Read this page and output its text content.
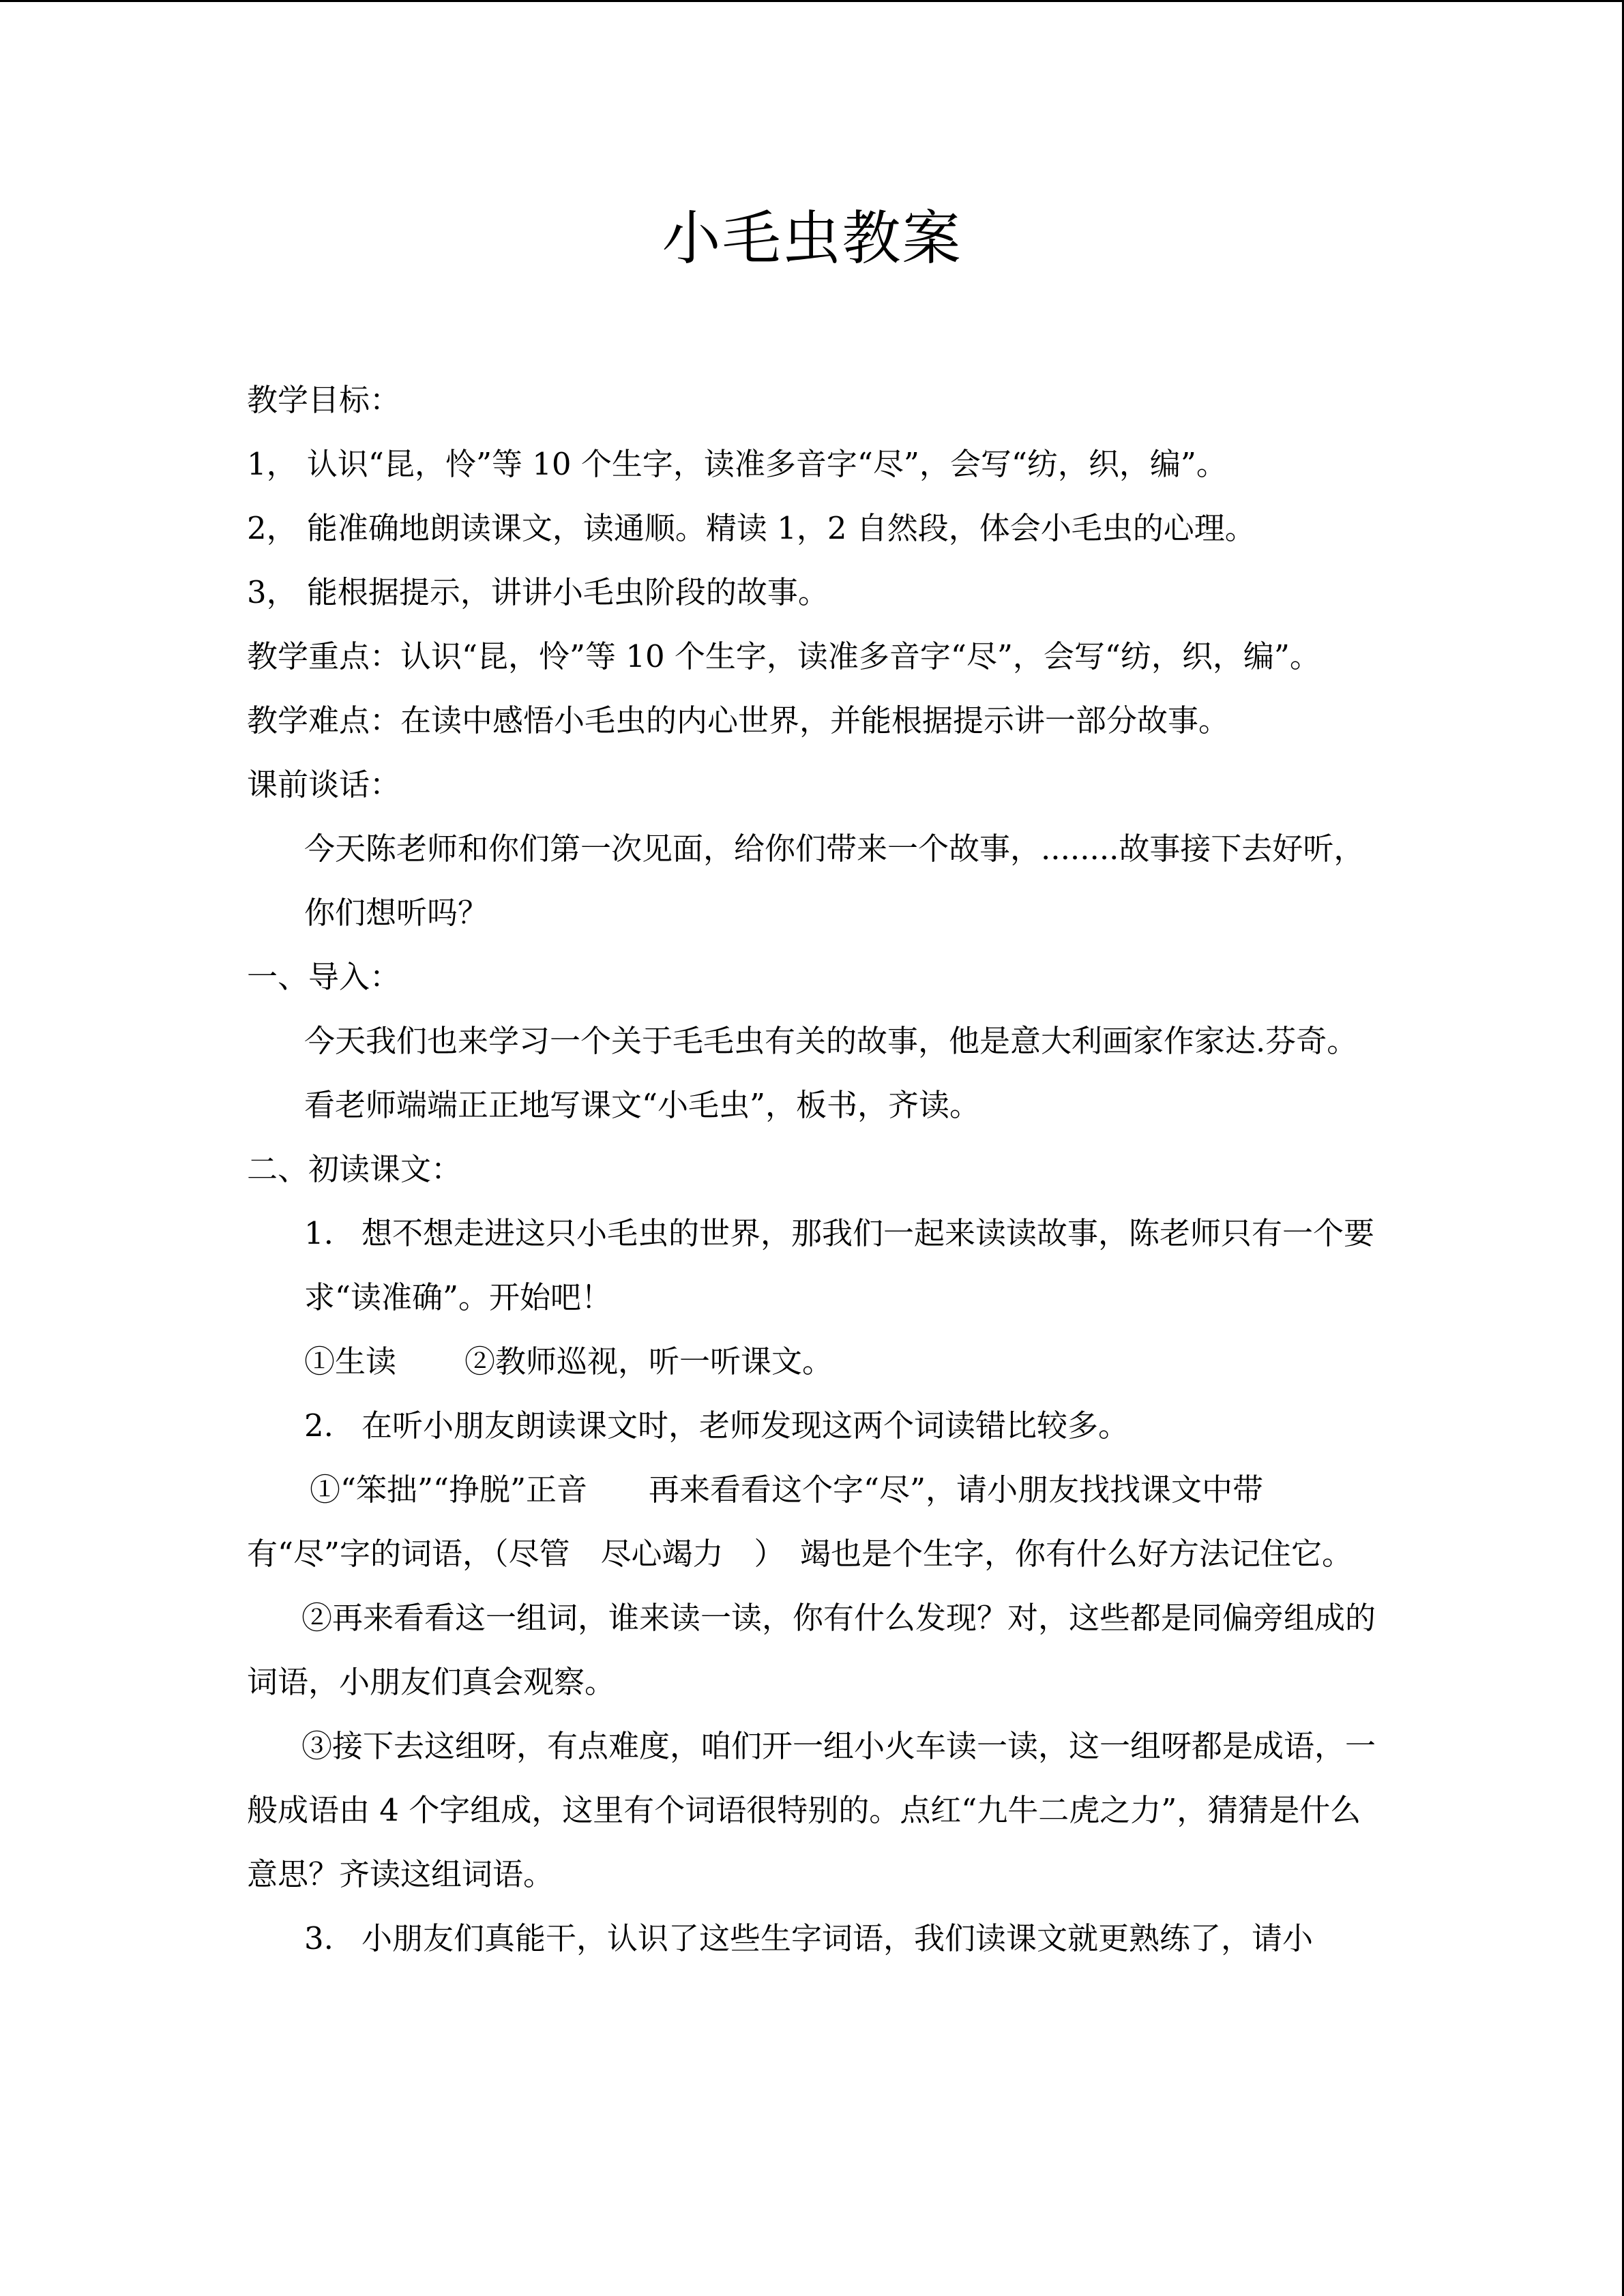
小毛虫教案

教学目标：

1， 认识“昆，怜”等 10 个生字，读准多音字“尽”，会写“纺，织，编”。

2， 能准确地朗读课文，读通顺。精读 1，2 自然段，体会小毛虫的心理。

3， 能根据提示，讲讲小毛虫阶段的故事。

教学重点：认识“昆，怜”等 10 个生字，读准多音字“尽”，会写“纺，织，编”。

教学难点：在读中感悟小毛虫的内心世界，并能根据提示讲一部分故事。

课前谈话：

今天陈老师和你们第一次见面，给你们带来一个故事，........故事接下去好听，你们想听吗？

一、导入：

今天我们也来学习一个关于毛毛虫有关的故事，他是意大利画家作家达.芬奇。看老师端端正正地写课文“小毛虫”，板书，齐读。

二、初读课文：

1. 想不想走进这只小毛虫的世界，那我们一起来读读故事，陈老师只有一个要求“读准确”。开始吧！

①生读 ②教师巡视，听一听课文。

2. 在听小朋友朗读课文时，老师发现这两个词读错比较多。

①“笨拙”“挣脱”正音　　再来看看这个字“尽”，请小朋友找找课文中带有“尽”字的词语，（尽管　尽心竭力　）　竭也是个生字，你有什么好方法记住它。

②再来看看这一组词，谁来读一读，你有什么发现？对，这些都是同偏旁组成的词语，小朋友们真会观察。

③接下去这组呀，有点难度，咱们开一组小火车读一读，这一组呀都是成语，一般成语由 4 个字组成，这里有个词语很特别的。点红“九牛二虎之力”，猜猜是什么意思？齐读这组词语。

3. 小朋友们真能干，认识了这些生字词语，我们读课文就更熟练了，请小
